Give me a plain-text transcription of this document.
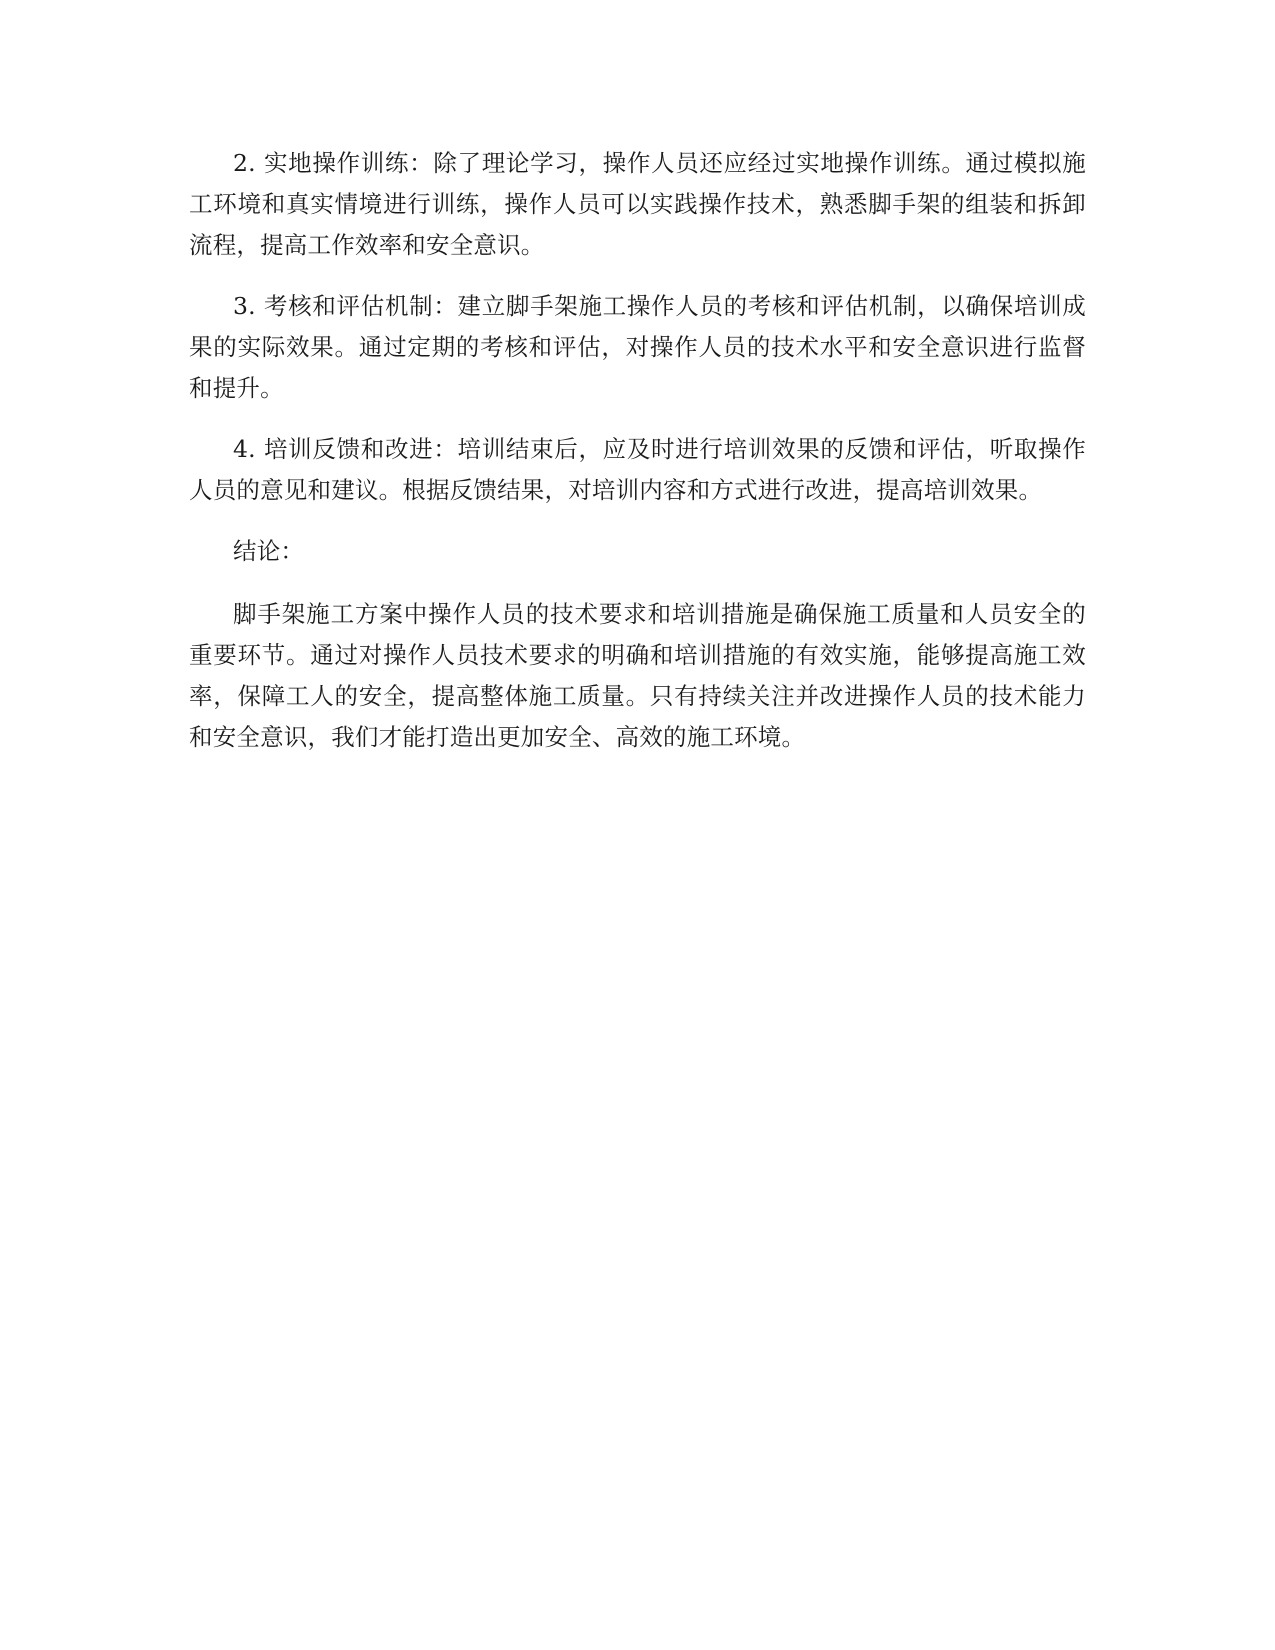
2. 实地操作训练：除了理论学习，操作人员还应经过实地操作训练。通过模拟施工环境和真实情境进行训练，操作人员可以实践操作技术，熟悉脚手架的组装和拆卸流程，提高工作效率和安全意识。

3. 考核和评估机制：建立脚手架施工操作人员的考核和评估机制，以确保培训成果的实际效果。通过定期的考核和评估，对操作人员的技术水平和安全意识进行监督和提升。

4. 培训反馈和改进：培训结束后，应及时进行培训效果的反馈和评估，听取操作人员的意见和建议。根据反馈结果，对培训内容和方式进行改进，提高培训效果。

结论：

脚手架施工方案中操作人员的技术要求和培训措施是确保施工质量和人员安全的重要环节。通过对操作人员技术要求的明确和培训措施的有效实施，能够提高施工效率，保障工人的安全，提高整体施工质量。只有持续关注并改进操作人员的技术能力和安全意识，我们才能打造出更加安全、高效的施工环境。
